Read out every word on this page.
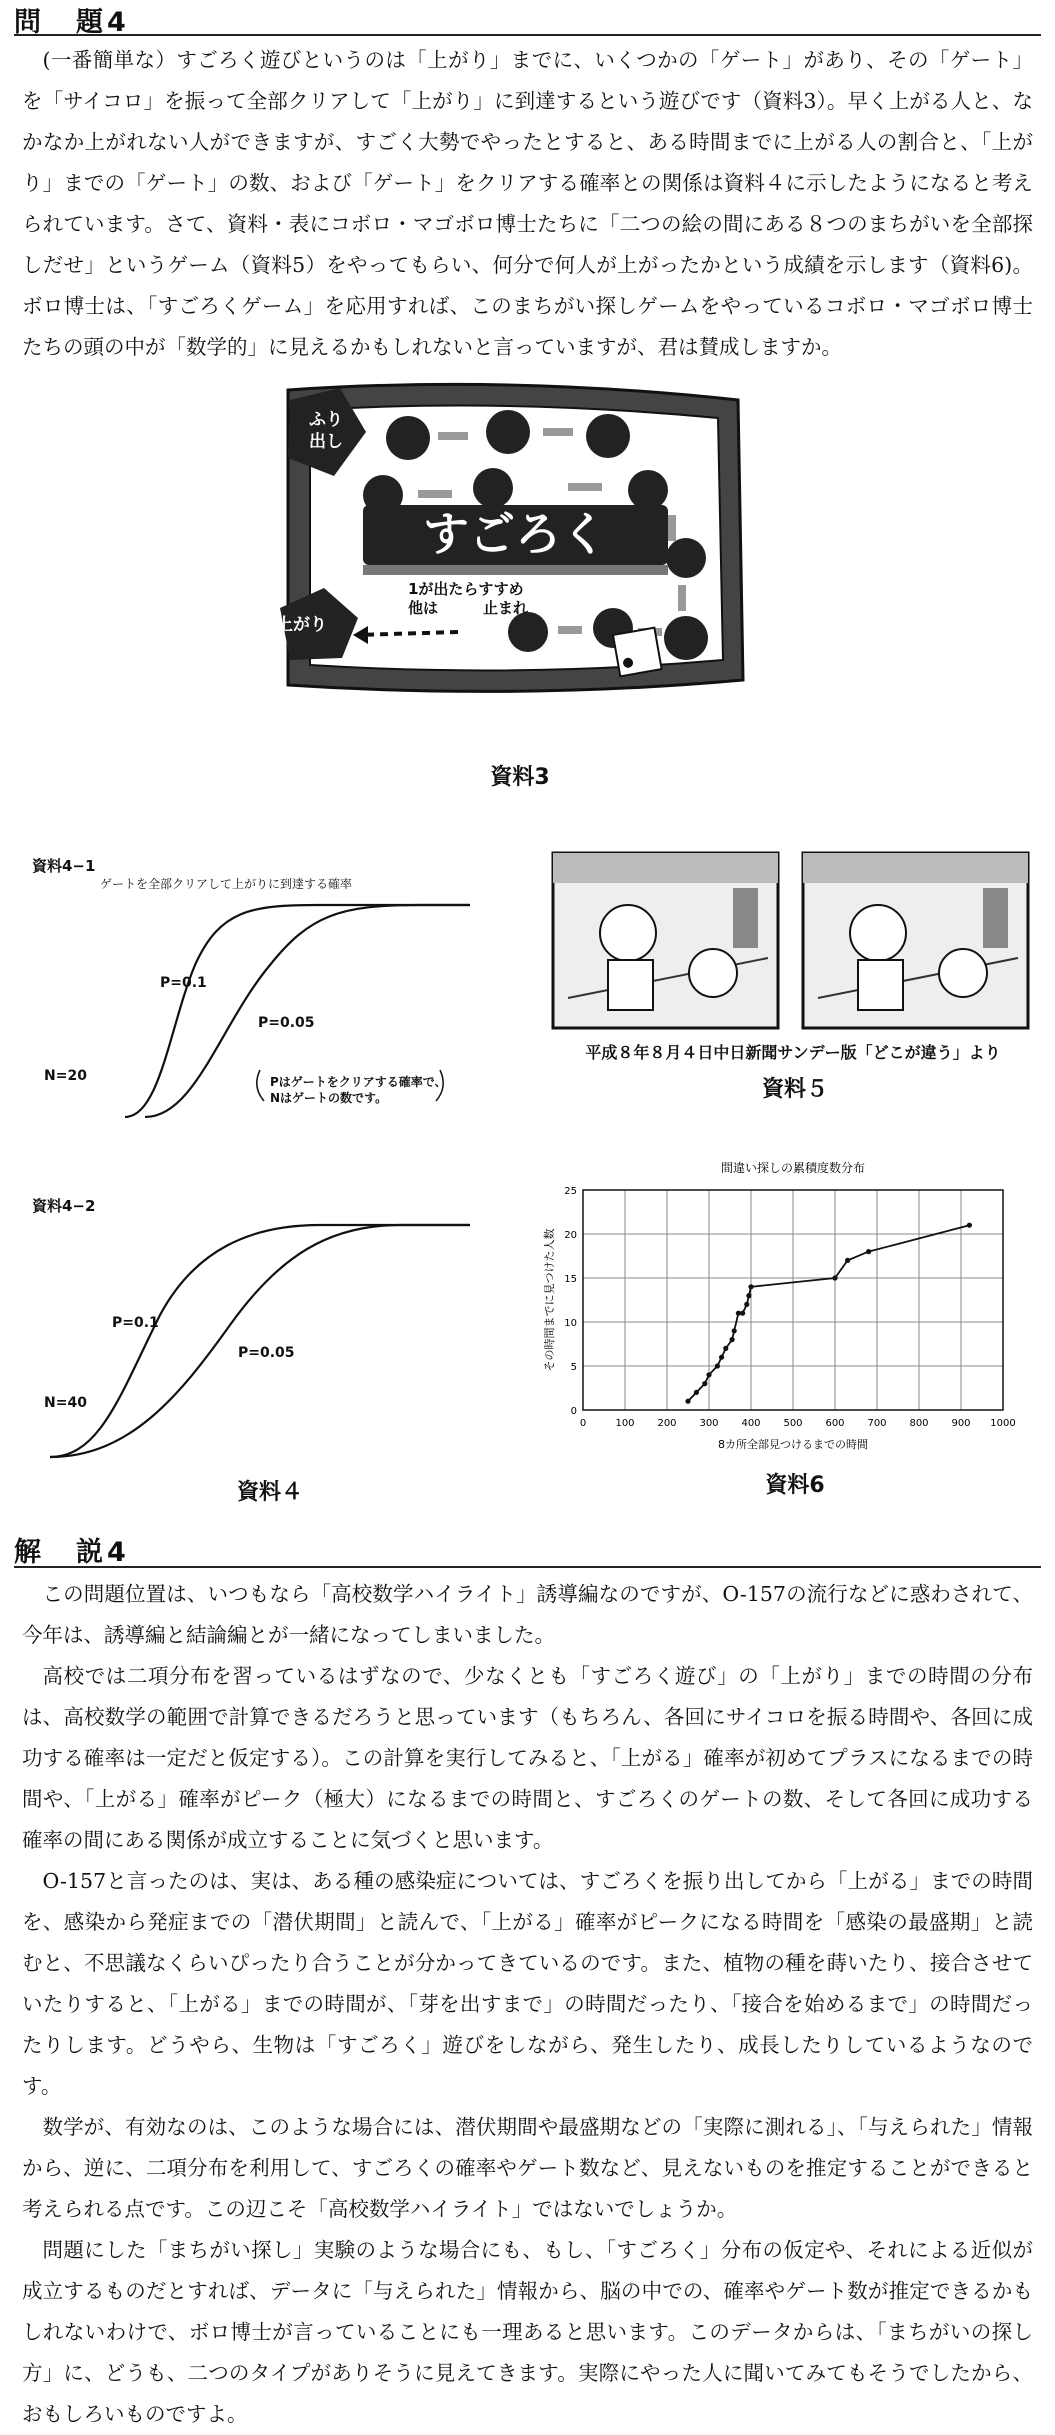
問　題4

(一番簡単な）すごろく遊びというのは「上がり」までに、いくつかの「ゲート」があり、その「ゲート」を「サイコロ」を振って全部クリアして「上がり」に到達するという遊びです（資料3）。早く上がる人と、なかなか上がれない人ができますが、すごく大勢でやったとすると、ある時間までに上がる人の割合と、「上がり」までの「ゲート」の数、および「ゲート」をクリアする確率との関係は資料４に示したようになると考えられています。さて、資料・表にコボロ・マゴボロ博士たちに「二つの絵の間にある８つのまちがいを全部探しだせ」というゲーム（資料5）をやってもらい、何分で何人が上がったかという成績を示します（資料6)。ボロ博士は、「すごろくゲーム」を応用すれば、このまちがい探しゲームをやっているコボロ・マゴボロ博士たちの頭の中が「数学的」に見えるかもしれないと言っていますが、君は賛成しますか。

ふり
出し
すごろく
上がり
1が出たらすすめ
他は　　　止まれ
資料3
資料4−1
ゲートを全部クリアして上がりに到達する確率
P=0.1
P=0.05
N=20	Pはゲートをクリアする確率で、
Nはゲートの数です。
資料4−2
P=0.1
P=0.05
N=40
資料４
平成８年８月４日中日新聞サンデー版「どこが違う」より
資料５
間違い探しの累積度数分布
0	100 200 300 400 500 600 700 800 900 1000
0
5
10
15
20
25
8カ所全部見つけるまでの時間
その時間までに見つけた人数
資料6
解　説4

この問題位置は、いつもなら「高校数学ハイライト」誘導編なのですが、O-157の流行などに惑わされて、今年は、誘導編と結論編とが一緒になってしまいました。

高校では二項分布を習っているはずなので、少なくとも「すごろく遊び」の「上がり」までの時間の分布は、高校数学の範囲で計算できるだろうと思っています（もちろん、各回にサイコロを振る時間や、各回に成功する確率は一定だと仮定する）。この計算を実行してみると、「上がる」確率が初めてプラスになるまでの時間や、「上がる」確率がピーク（極大）になるまでの時間と、すごろくのゲートの数、そして各回に成功する確率の間にある関係が成立することに気づくと思います。

O-157と言ったのは、実は、ある種の感染症については、すごろくを振り出してから「上がる」までの時間を、感染から発症までの「潜伏期間」と読んで、「上がる」確率がピークになる時間を「感染の最盛期」と読むと、不思議なくらいぴったり合うことが分かってきているのです。また、植物の種を蒔いたり、接合させていたりすると、「上がる」までの時間が、「芽を出すまで」の時間だったり、「接合を始めるまで」の時間だったりします。どうやら、生物は「すごろく」遊びをしながら、発生したり、成長したりしているようなのです。

数学が、有効なのは、このような場合には、潜伏期間や最盛期などの「実際に測れる」、「与えられた」情報から、逆に、二項分布を利用して、すごろくの確率やゲート数など、見えないものを推定することができると考えられる点です。この辺こそ「高校数学ハイライト」ではないでしょうか。

問題にした「まちがい探し」実験のような場合にも、もし、「すごろく」分布の仮定や、それによる近似が成立するものだとすれば、データに「与えられた」情報から、脳の中での、確率やゲート数が推定できるかもしれないわけで、ボロ博士が言っていることにも一理あると思います。このデータからは、「まちがいの探し方」に、どうも、二つのタイプがありそうに見えてきます。実際にやった人に聞いてみてもそうでしたから、おもしろいものですよ。
